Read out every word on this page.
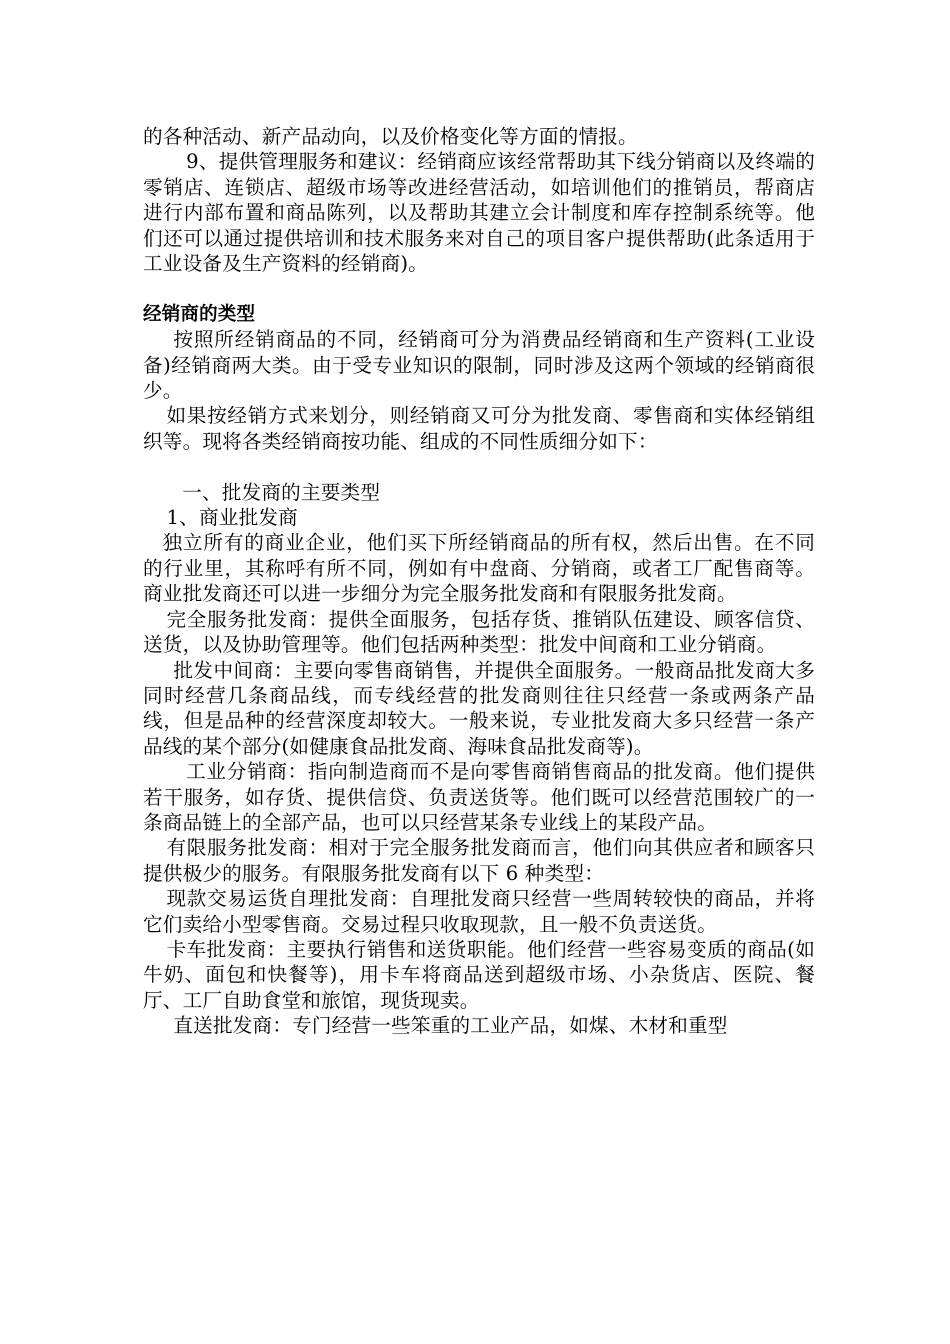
的各种活动、新产品动向，以及价格变化等方面的情报。

9、提供管理服务和建议：经销商应该经常帮助其下线分销商以及终端的零销店、连锁店、超级市场等改进经营活动，如培训他们的推销员，帮商店进行内部布置和商品陈列，以及帮助其建立会计制度和库存控制系统等。他们还可以通过提供培训和技术服务来对自己的项目客户提供帮助(此条适用于工业设备及生产资料的经销商)。

经销商的类型

按照所经销商品的不同，经销商可分为消费品经销商和生产资料(工业设备)经销商两大类。由于受专业知识的限制，同时涉及这两个领域的经销商很少。

如果按经销方式来划分，则经销商又可分为批发商、零售商和实体经销组织等。现将各类经销商按功能、组成的不同性质细分如下：

一、批发商的主要类型

1、商业批发商

独立所有的商业企业，他们买下所经销商品的所有权，然后出售。在不同的行业里，其称呼有所不同，例如有中盘商、分销商，或者工厂配售商等。商业批发商还可以进一步细分为完全服务批发商和有限服务批发商。

完全服务批发商：提供全面服务，包括存货、推销队伍建设、顾客信贷、送货，以及协助管理等。他们包括两种类型：批发中间商和工业分销商。

批发中间商：主要向零售商销售，并提供全面服务。一般商品批发商大多同时经营几条商品线，而专线经营的批发商则往往只经营一条或两条产品线，但是品种的经营深度却较大。一般来说，专业批发商大多只经营一条产品线的某个部分(如健康食品批发商、海味食品批发商等)。

工业分销商：指向制造商而不是向零售商销售商品的批发商。他们提供若干服务，如存货、提供信贷、负责送货等。他们既可以经营范围较广的一条商品链上的全部产品，也可以只经营某条专业线上的某段产品。

有限服务批发商：相对于完全服务批发商而言，他们向其供应者和顾客只提供极少的服务。有限服务批发商有以下 6 种类型：

现款交易运货自理批发商：自理批发商只经营一些周转较快的商品，并将它们卖给小型零售商。交易过程只收取现款，且一般不负责送货。

卡车批发商：主要执行销售和送货职能。他们经营一些容易变质的商品(如牛奶、面包和快餐等)，用卡车将商品送到超级市场、小杂货店、医院、餐厅、工厂自助食堂和旅馆，现货现卖。

直送批发商：专门经营一些笨重的工业产品，如煤、木材和重型
